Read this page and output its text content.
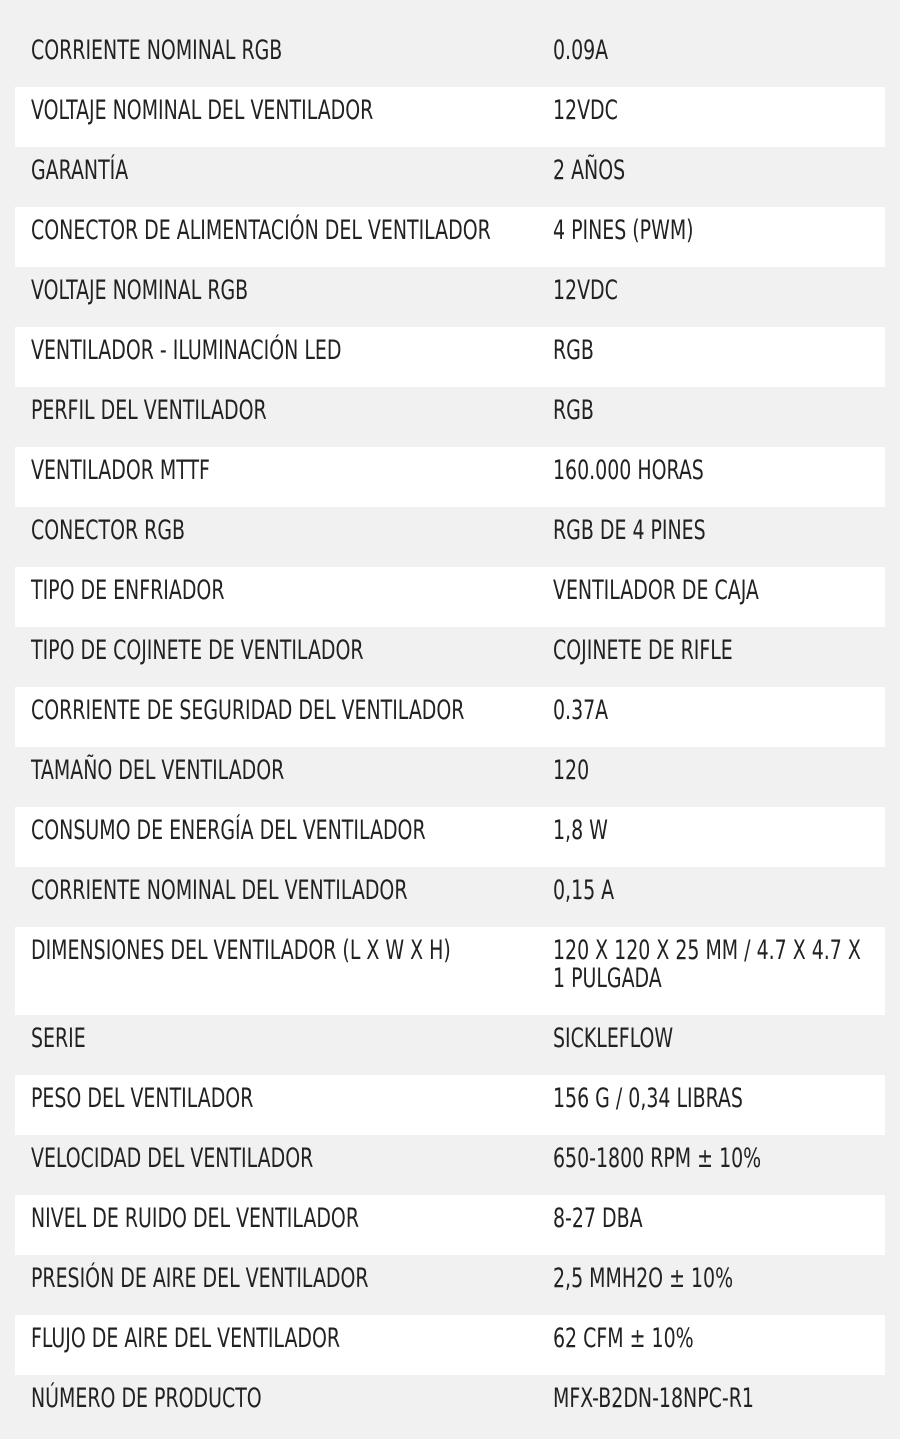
CORRIENTE NOMINAL RGB	0.09A
VOLTAJE NOMINAL DEL VENTILADOR	12VDC
GARANTÍA	2 AÑOS
CONECTOR DE ALIMENTACIÓN DEL VENTILADOR	4 PINES (PWM)
VOLTAJE NOMINAL RGB	12VDC
VENTILADOR - ILUMINACIÓN LED	RGB
PERFIL DEL VENTILADOR	RGB
VENTILADOR MTTF	160.000 HORAS
CONECTOR RGB	RGB DE 4 PINES
TIPO DE ENFRIADOR	VENTILADOR DE CAJA
TIPO DE COJINETE DE VENTILADOR	COJINETE DE RIFLE
CORRIENTE DE SEGURIDAD DEL VENTILADOR	0.37A
TAMAÑO DEL VENTILADOR	120
CONSUMO DE ENERGÍA DEL VENTILADOR	1,8 W
CORRIENTE NOMINAL DEL VENTILADOR	0,15 A
DIMENSIONES DEL VENTILADOR (L X W X H)	120 X 120 X 25 MM / 4.7 X 4.7 X 1 PULGADA
SERIE	SICKLEFLOW
PESO DEL VENTILADOR	156 G / 0,34 LIBRAS
VELOCIDAD DEL VENTILADOR	650-1800 RPM ± 10%
NIVEL DE RUIDO DEL VENTILADOR	8-27 DBA
PRESIÓN DE AIRE DEL VENTILADOR	2,5 MMH2O ± 10%
FLUJO DE AIRE DEL VENTILADOR	62 CFM ± 10%
NÚMERO DE PRODUCTO	MFX-B2DN-18NPC-R1
